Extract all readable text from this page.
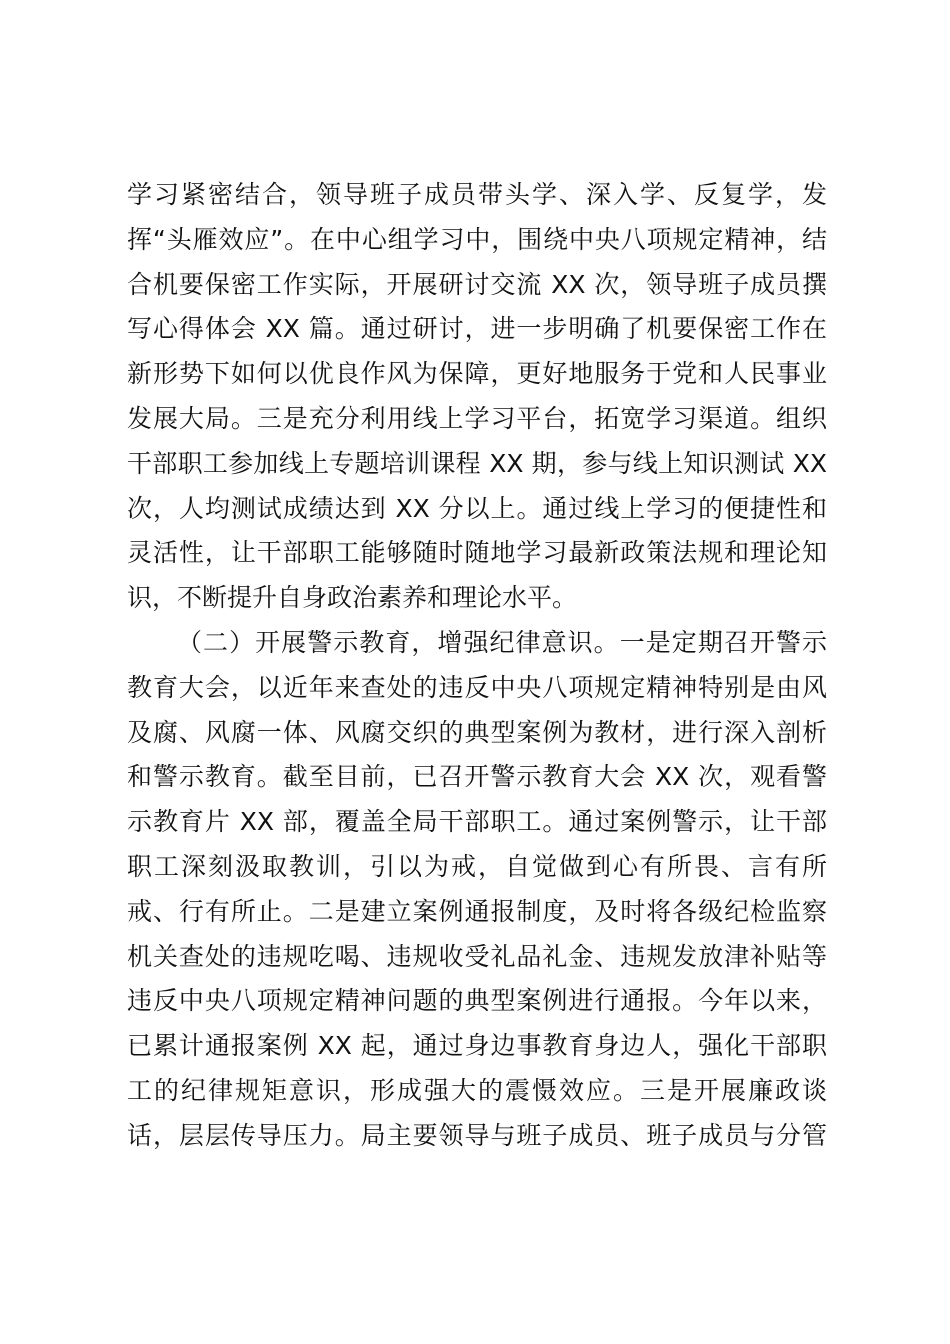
学习紧密结合，领导班子成员带头学、深入学、反复学，发
挥“头雁效应”。在中心组学习中，围绕中央八项规定精神，结
合机要保密工作实际，开展研讨交流 XX 次，领导班子成员撰
写心得体会 XX 篇。通过研讨，进一步明确了机要保密工作在
新形势下如何以优良作风为保障，更好地服务于党和人民事业
发展大局。三是充分利用线上学习平台，拓宽学习渠道。组织
干部职工参加线上专题培训课程 XX 期，参与线上知识测试 XX
次，人均测试成绩达到 XX 分以上。通过线上学习的便捷性和
灵活性，让干部职工能够随时随地学习最新政策法规和理论知
识，不断提升自身政治素养和理论水平。
（二）开展警示教育，增强纪律意识。一是定期召开警示
教育大会，以近年来查处的违反中央八项规定精神特别是由风
及腐、风腐一体、风腐交织的典型案例为教材，进行深入剖析
和警示教育。截至目前，已召开警示教育大会 XX 次，观看警
示教育片 XX 部，覆盖全局干部职工。通过案例警示，让干部
职工深刻汲取教训，引以为戒，自觉做到心有所畏、言有所
戒、行有所止。二是建立案例通报制度，及时将各级纪检监察
机关查处的违规吃喝、违规收受礼品礼金、违规发放津补贴等
违反中央八项规定精神问题的典型案例进行通报。今年以来，
已累计通报案例 XX 起，通过身边事教育身边人，强化干部职
工的纪律规矩意识，形成强大的震慑效应。三是开展廉政谈
话，层层传导压力。局主要领导与班子成员、班子成员与分管
